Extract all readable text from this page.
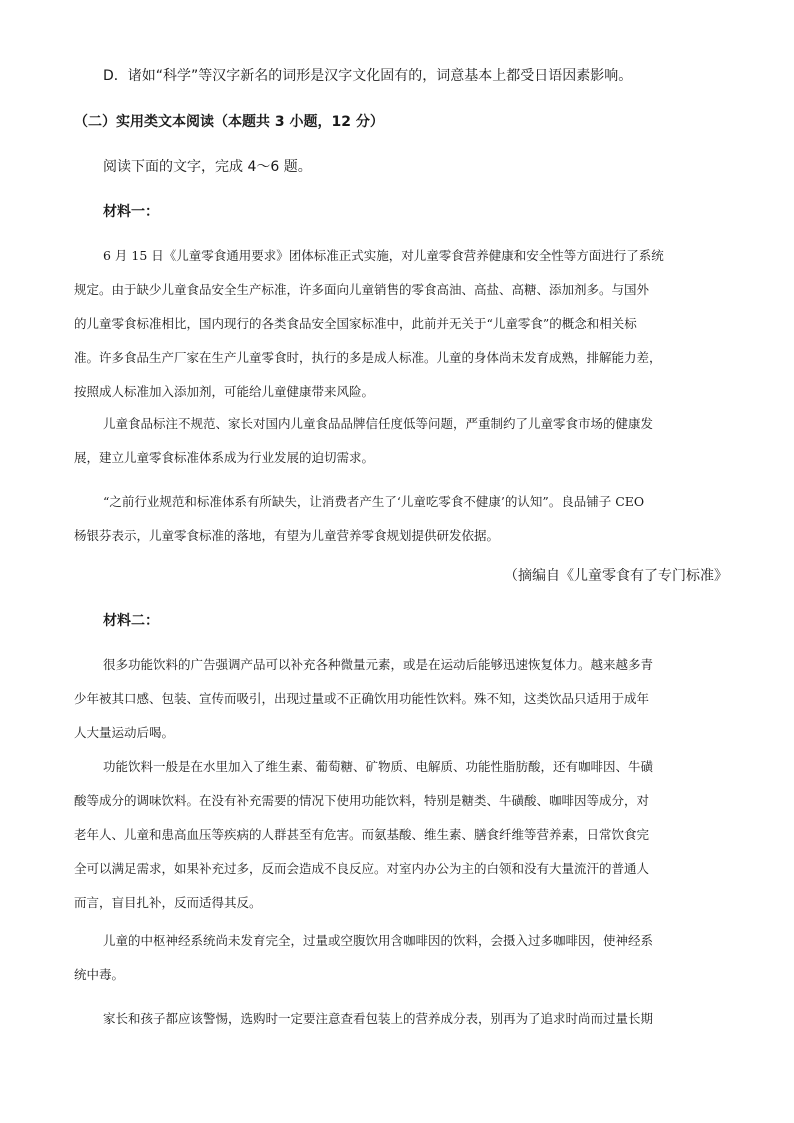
D．诸如“科学”等汉字新名的词形是汉字文化固有的，词意基本上都受日语因素影响。

（二）实用类文本阅读（本题共 3 小题，12 分）

阅读下面的文字，完成 4～6 题。

材料一：

6 月 15 日《儿童零食通用要求》团体标准正式实施，对儿童零食营养健康和安全性等方面进行了系统
规定。由于缺少儿童食品安全生产标准，许多面向儿童销售的零食高油、高盐、高糖、添加剂多。与国外
的儿童零食标准相比，国内现行的各类食品安全国家标准中，此前并无关于“儿童零食”的概念和相关标
准。许多食品生产厂家在生产儿童零食时，执行的多是成人标准。儿童的身体尚未发育成熟，排解能力差，
按照成人标准加入添加剂，可能给儿童健康带来风险。
儿童食品标注不规范、家长对国内儿童食品品牌信任度低等问题，严重制约了儿童零食市场的健康发
展，建立儿童零食标准体系成为行业发展的迫切需求。
“之前行业规范和标准体系有所缺失，让消费者产生了‘儿童吃零食不健康’的认知”。良品铺子 CEO
杨银芬表示，儿童零食标准的落地，有望为儿童营养零食规划提供研发依据。

（摘编自《儿童零食有了专门标准》

材料二：

很多功能饮料的广告强调产品可以补充各种微量元素，或是在运动后能够迅速恢复体力。越来越多青
少年被其口感、包装、宣传而吸引，出现过量或不正确饮用功能性饮料。殊不知，这类饮品只适用于成年
人大量运动后喝。
功能饮料一般是在水里加入了维生素、葡萄糖、矿物质、电解质、功能性脂肪酸，还有咖啡因、牛磺
酸等成分的调味饮料。在没有补充需要的情况下使用功能饮料，特别是糖类、牛磺酸、咖啡因等成分，对
老年人、儿童和患高血压等疾病的人群甚至有危害。而氨基酸、维生素、膳食纤维等营养素，日常饮食完
全可以满足需求，如果补充过多，反而会造成不良反应。对室内办公为主的白领和没有大量流汗的普通人
而言，盲目扎补，反而适得其反。
儿童的中枢神经系统尚未发育完全，过量或空腹饮用含咖啡因的饮料，会摄入过多咖啡因，使神经系
统中毒。
家长和孩子都应该警惕，选购时一定要注意查看包装上的营养成分表，别再为了追求时尚而过量长期
